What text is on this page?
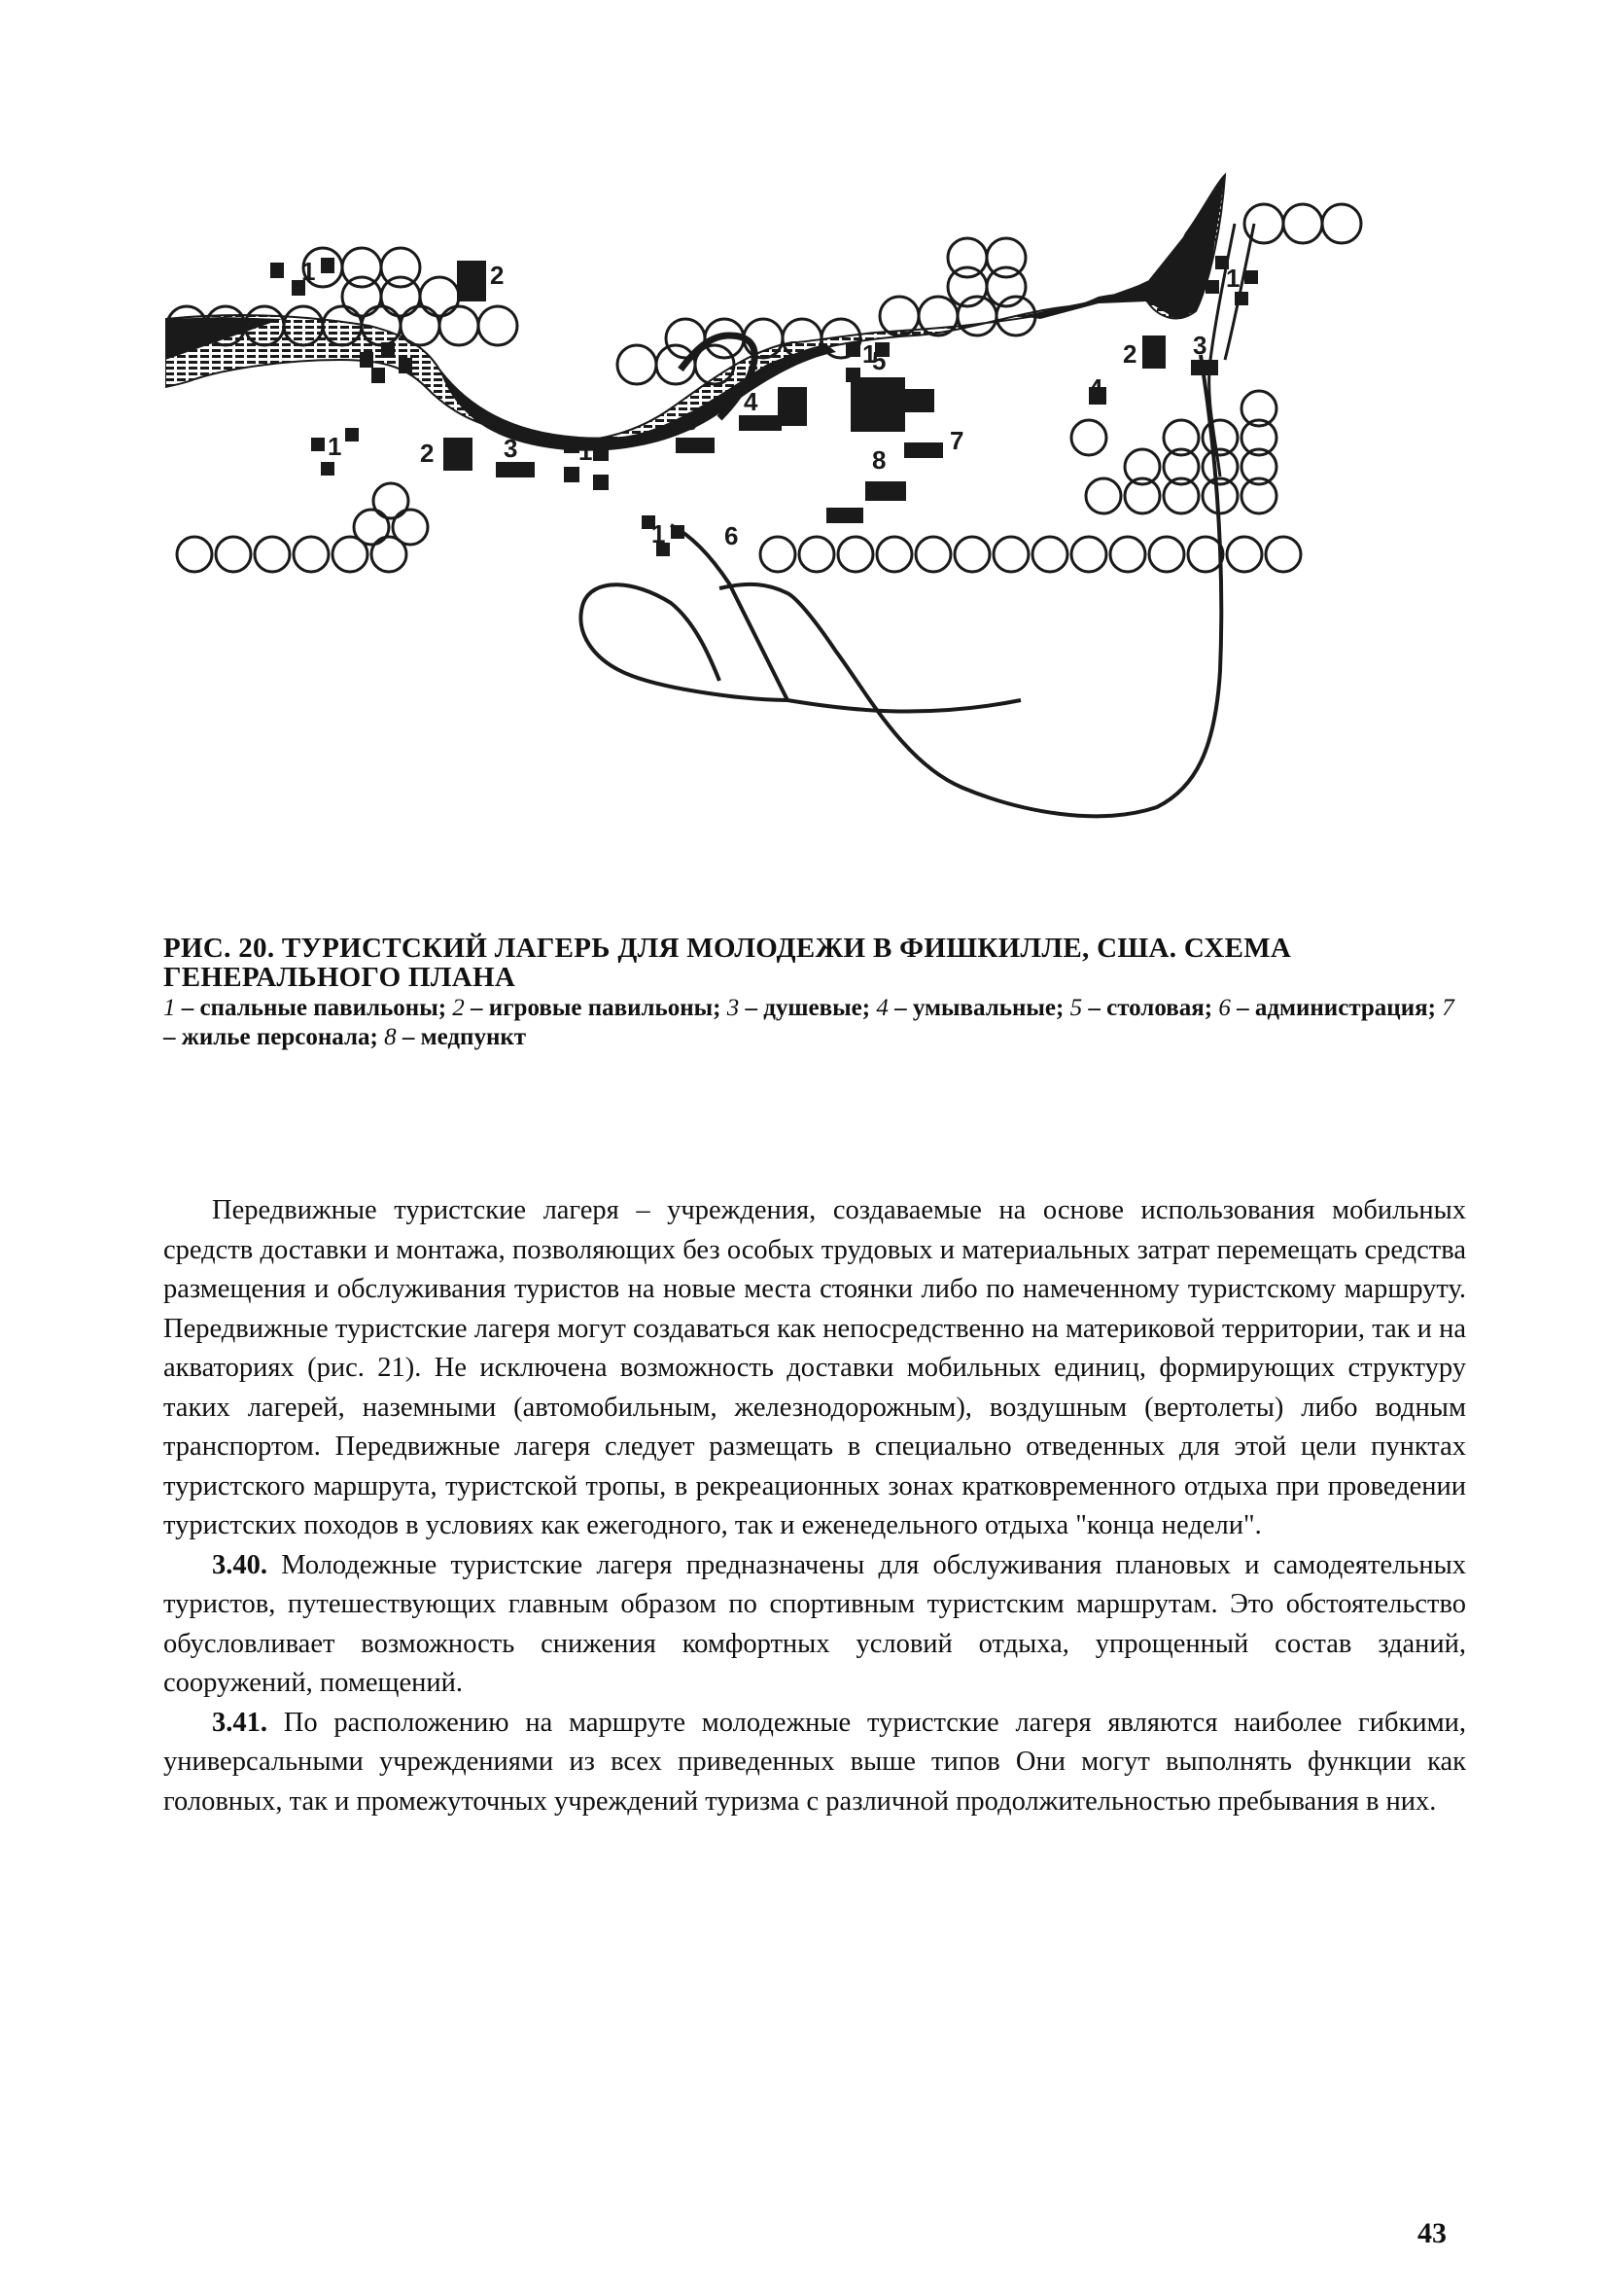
1	2
1	2 3
5
4	4
1
2	3
1
6
8
7
1
6
1
РИС. 20. ТУРИСТСКИЙ ЛАГЕРЬ ДЛЯ МОЛОДЕЖИ В ФИШКИЛЛЕ, США. СХЕМА
ГЕНЕРАЛЬНОГО ПЛАНА
1 – спальные павильоны; 2 – игровые павильоны; 3 – душевые; 4 – умывальные; 5 – столовая; 6 – администрация; 7 – жилье персонала; 8 – медпункт

Передвижные туристские лагеря – учреждения, создаваемые на основе использования мобильных средств доставки и монтажа, позволяющих без особых трудовых и материальных затрат перемещать средства размещения и обслуживания туристов на новые места стоянки либо по намеченному туристскому маршруту. Передвижные туристские лагеря могут создаваться как непосредственно на материковой территории, так и на акваториях (рис. 21). Не исключена возможность доставки мобильных единиц, формирующих структуру таких лагерей, наземными (автомобильным, железнодорожным), воздушным (вертолеты) либо водным транспортом. Передвижные лагеря следует размещать в специально отведенных для этой цели пунктах туристского маршрута, туристской тропы, в рекреационных зонах кратковременного отдыха при проведении туристских походов в условиях как ежегодного, так и еженедельного отдыха "конца недели".

3.40. Молодежные туристские лагеря предназначены для обслуживания плановых и самодеятельных туристов, путешествующих главным образом по спортивным туристским маршрутам. Это обстоятельство обусловливает возможность снижения комфортных условий отдыха, упрощенный состав зданий, сооружений, помещений.

3.41. По расположению на маршруте молодежные туристские лагеря являются наиболее гибкими, универсальными учреждениями из всех приведенных выше типов Они могут выполнять функции как головных, так и промежуточных учреждений туризма с различной продолжительностью пребывания в них.

43
